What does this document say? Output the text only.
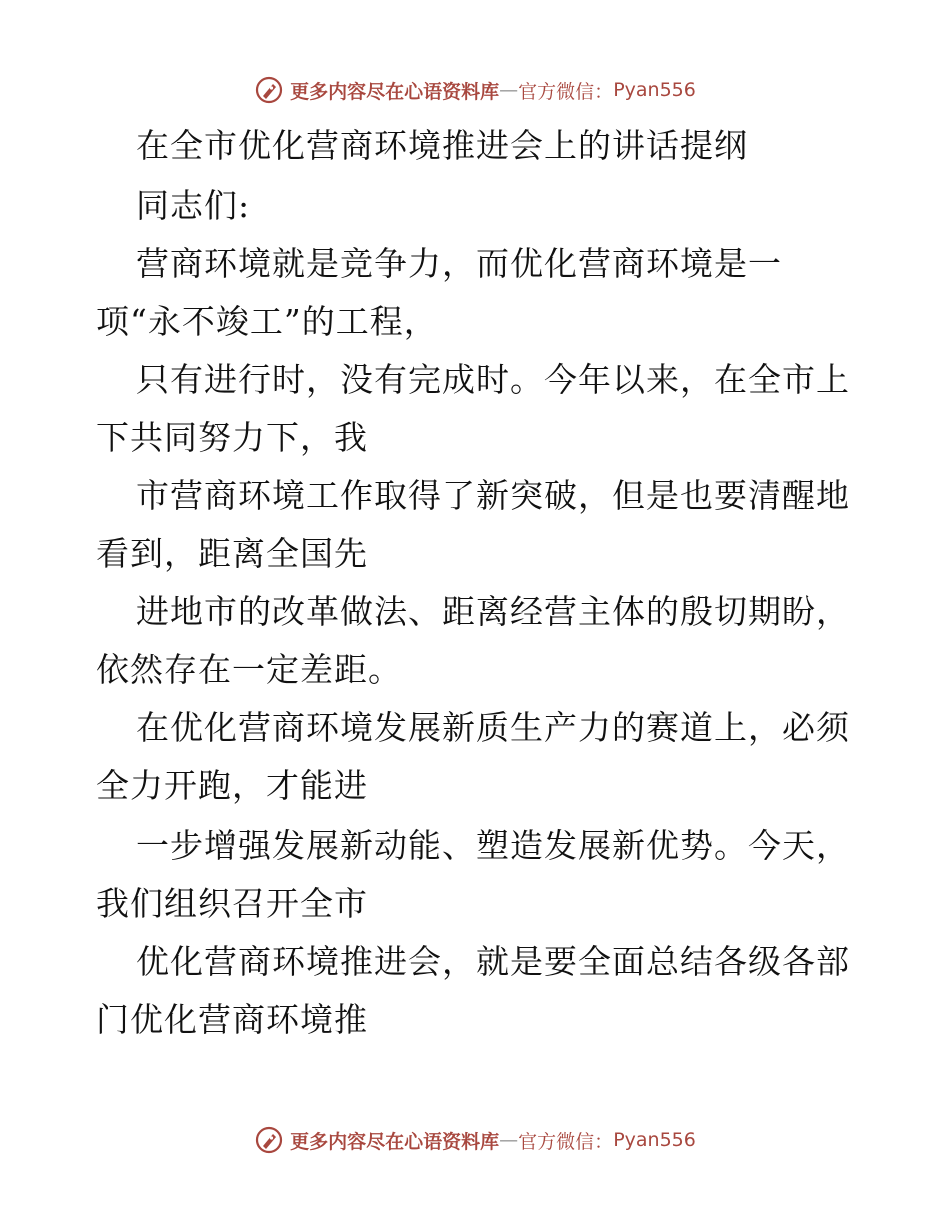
更多内容尽在心语资料库 — 官方微信： Pyan556
在全市优化营商环境推进会上的讲话提纲
同志们:
营商环境就是竞争力，而优化营商环境是一
项“永不竣工”的工程，
只有进行时，没有完成时。今年以来，在全市上
下共同努力下，我
市营商环境工作取得了新突破，但是也要清醒地
看到，距离全国先
进地市的改革做法、距离经营主体的殷切期盼，
依然存在一定差距。
在优化营商环境发展新质生产力的赛道上，必须
全力开跑，才能进
一步增强发展新动能、塑造发展新优势。今天，
我们组织召开全市
优化营商环境推进会，就是要全面总结各级各部
门优化营商环境推
更多内容尽在心语资料库 — 官方微信： Pyan556
